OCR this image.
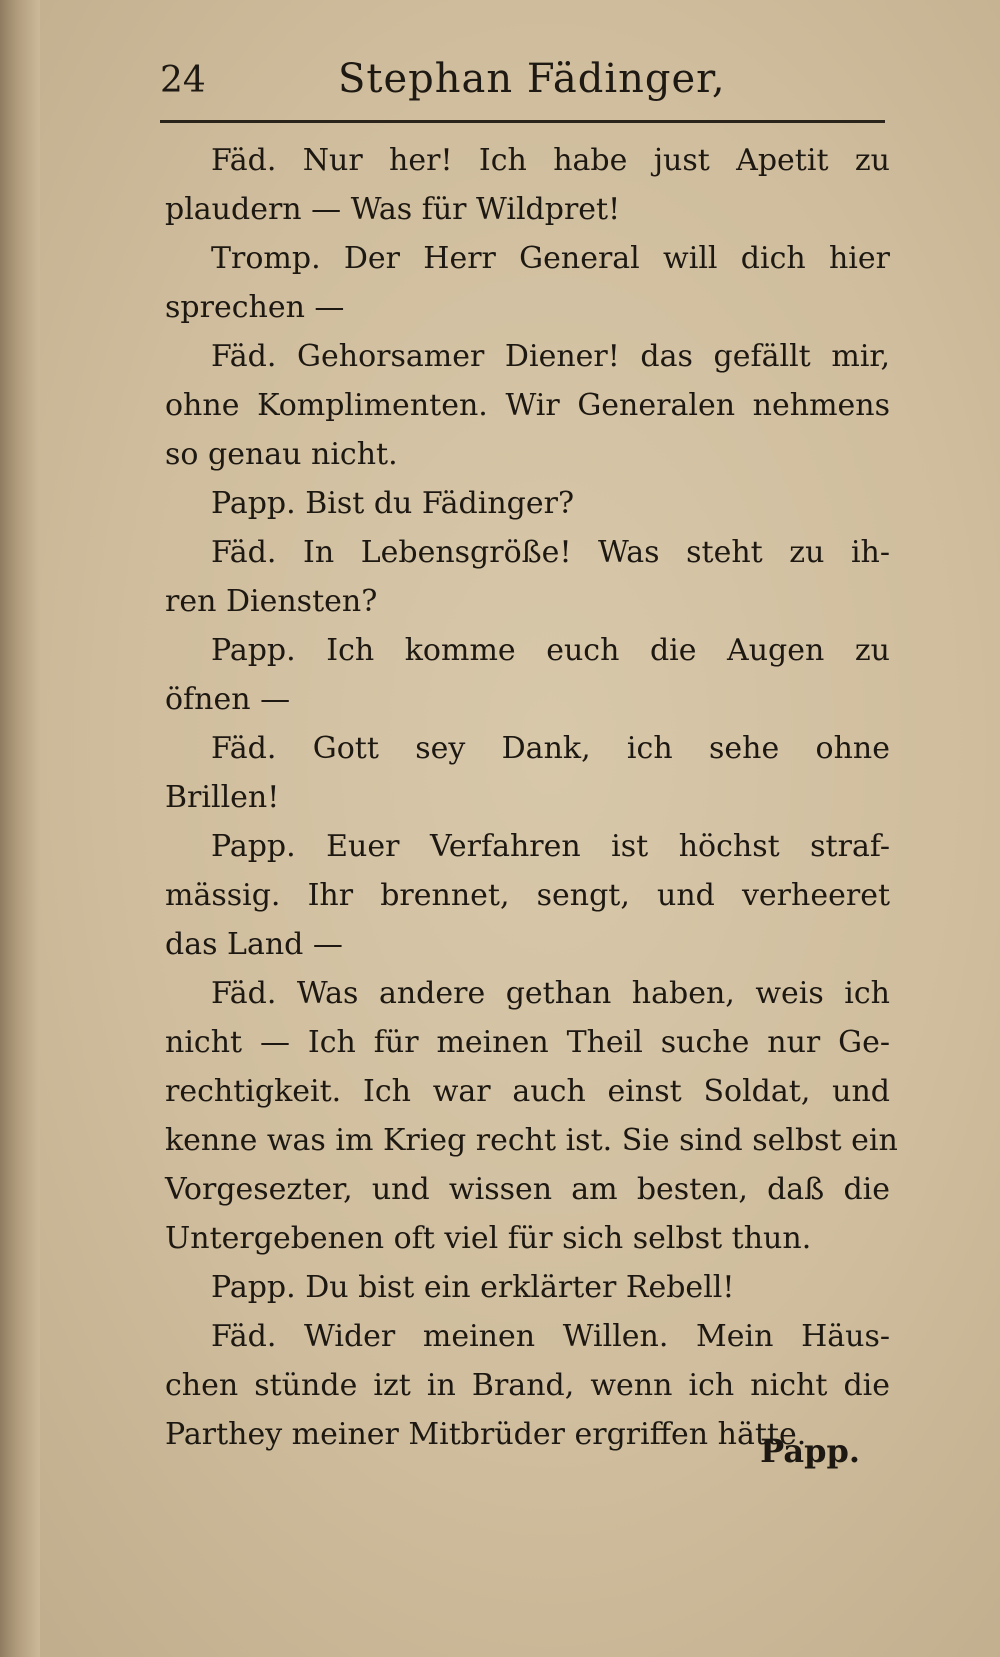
24	Stephan Fädinger,
Fäd. Nur her! Ich habe just Apetit zu
plaudern — Was für Wildpret!
Tromp. Der Herr General will dich hier
sprechen —
Fäd. Gehorsamer Diener! das gefällt mir,
ohne Komplimenten. Wir Generalen nehmens
so genau nicht.
Papp. Bist du Fädinger?
Fäd. In Lebensgröße! Was steht zu ih-
ren Diensten?
Papp. Ich komme euch die Augen zu
öfnen —
Fäd. Gott sey Dank, ich sehe ohne
Brillen!
Papp. Euer Verfahren ist höchst straf-
mässig. Ihr brennet, sengt, und verheeret
das Land —
Fäd. Was andere gethan haben, weis ich
nicht — Ich für meinen Theil suche nur Ge-
rechtigkeit. Ich war auch einst Soldat, und
kenne was im Krieg recht ist. Sie sind selbst ein
Vorgesezter, und wissen am besten, daß die
Untergebenen oft viel für sich selbst thun.
Papp. Du bist ein erklärter Rebell!
Fäd. Wider meinen Willen. Mein Häus-
chen stünde izt in Brand, wenn ich nicht die
Parthey meiner Mitbrüder ergriffen hätte.
Papp.
